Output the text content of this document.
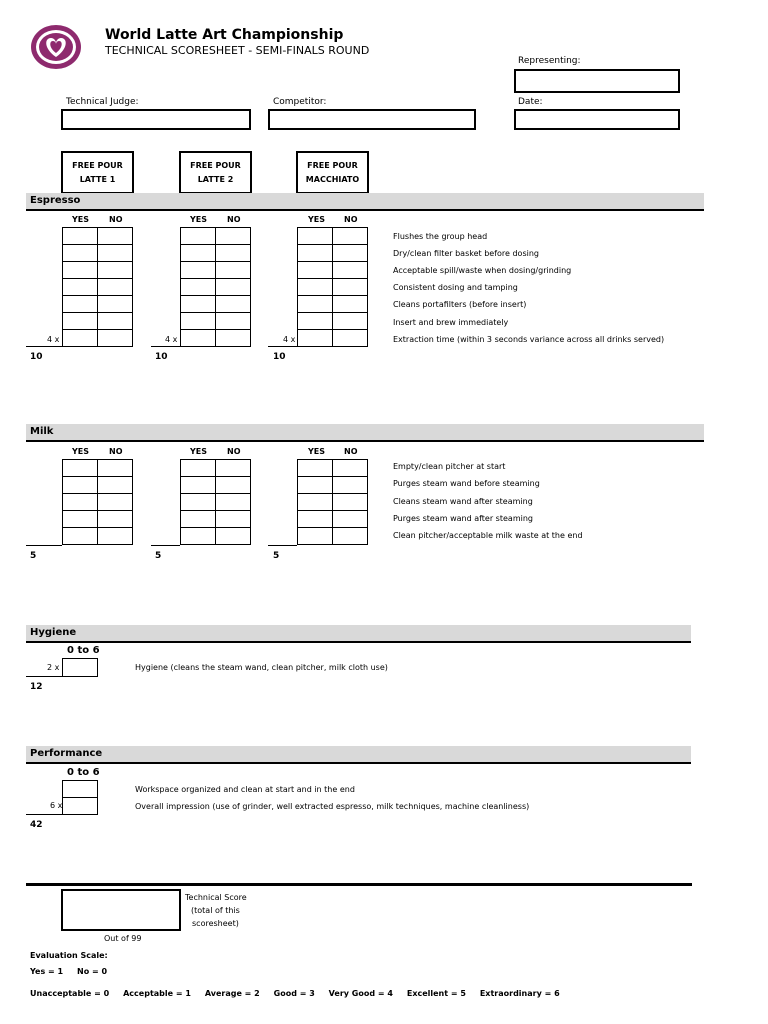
World Latte Art Championship
TECHNICAL SCORESHEET - SEMI-FINALS ROUND
Representing:
Technical Judge:	Competitor:	Date:
FREE POUR
LATTE 1
FREE POUR
LATTE 2
FREE POUR
MACCHIATO
Espresso
YES NO	YES NO	YES NO

4 x	4 x	4 x
10	10	10
Flushes the group head
Dry/clean filter basket before dosing
Acceptable spill/waste when dosing/grinding
Consistent dosing and tamping
Cleans portafilters (before insert)
Insert and brew immediately
Extraction time (within 3 seconds variance across all drinks served)
Milk
YES NO	YES NO	YES NO

5	5	5
Empty/clean pitcher at start
Purges steam wand before steaming
Cleans steam wand after steaming
Purges steam wand after steaming
Clean pitcher/acceptable milk waste at the end
Hygiene
0 to 6
2 x
12
Hygiene (cleans the steam wand, clean pitcher, milk cloth use)
Performance
0 to 6
6 x
42
Workspace organized and clean at start and in the end
Overall impression (use of grinder, well extracted espresso, milk techniques, machine cleanliness)
Technical Score
(total of this
scoresheet)
Out of 99
Evaluation Scale:
Yes = 1     No = 0
Unacceptable = 0     Acceptable = 1     Average = 2     Good = 3     Very Good = 4     Excellent = 5     Extraordinary = 6
